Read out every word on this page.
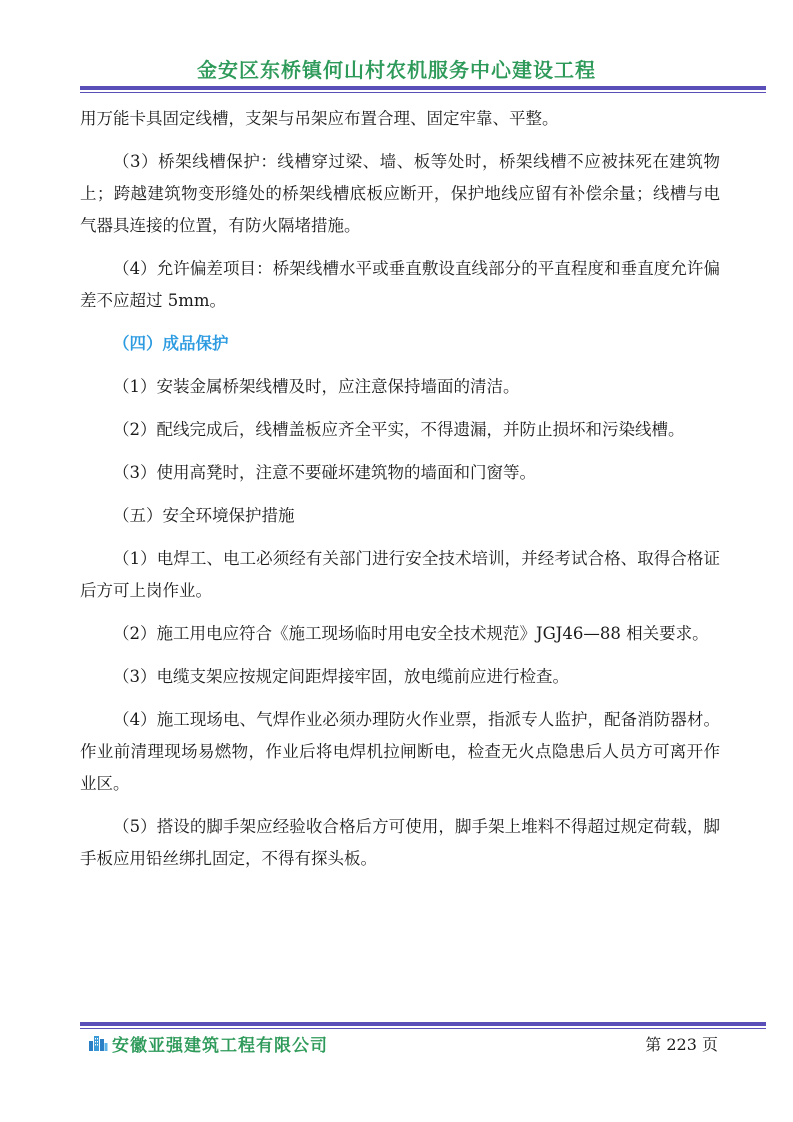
金安区东桥镇何山村农机服务中心建设工程

用万能卡具固定线槽，支架与吊架应布置合理、固定牢靠、平整。

（3）桥架线槽保护：线槽穿过梁、墙、板等处时，桥架线槽不应被抹死在建筑物上；跨越建筑物变形缝处的桥架线槽底板应断开，保护地线应留有补偿余量；线槽与电气器具连接的位置，有防火隔堵措施。

（4）允许偏差项目：桥架线槽水平或垂直敷设直线部分的平直程度和垂直度允许偏差不应超过 5mm。

（四）成品保护

（1）安装金属桥架线槽及时，应注意保持墙面的清洁。

（2）配线完成后，线槽盖板应齐全平实，不得遗漏，并防止损坏和污染线槽。

（3）使用高凳时，注意不要碰坏建筑物的墙面和门窗等。

（五）安全环境保护措施

（1）电焊工、电工必须经有关部门进行安全技术培训，并经考试合格、取得合格证后方可上岗作业。

（2）施工用电应符合《施工现场临时用电安全技术规范》JGJ46—88 相关要求。

（3）电缆支架应按规定间距焊接牢固，放电缆前应进行检查。

（4）施工现场电、气焊作业必须办理防火作业票，指派专人监护，配备消防器材。作业前清理现场易燃物，作业后将电焊机拉闸断电，检查无火点隐患后人员方可离开作业区。

（5）搭设的脚手架应经验收合格后方可使用，脚手架上堆料不得超过规定荷载，脚手板应用铅丝绑扎固定，不得有探头板。

安徽亚强建筑工程有限公司	第 223 页
